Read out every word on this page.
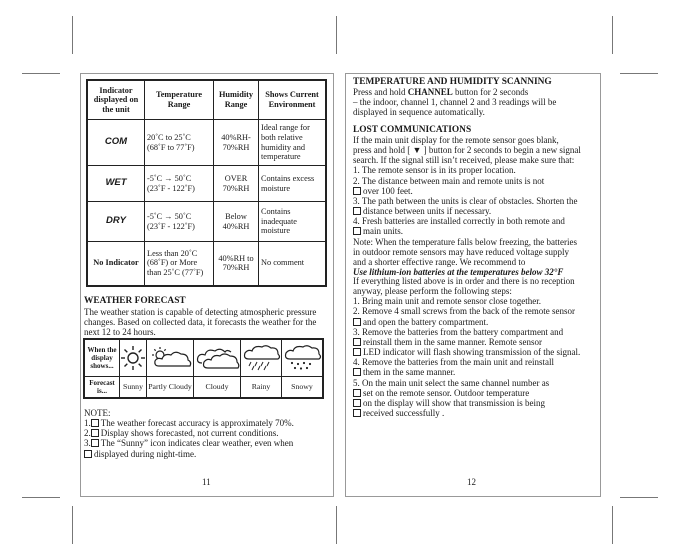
Indicator displayed on the unit	Temperature Range	Humidity Range	Shows Current Environment
COM	20˚C to 25˚C (68˚F to 77˚F)	40%RH- 70%RH	Ideal range for both relative humidity and temperature
WET	-5˚C → 50˚C (23˚F - 122˚F)	OVER 70%RH	Contains excess moisture
DRY	-5˚C → 50˚C (23˚F - 122˚F)	Below 40%RH	Contains inadequate moisture
No Indicator	Less than 20˚C (68˚F) or More than 25˚C (77˚F)	40%RH to 70%RH	No comment

WEATHER FORECAST

The weather station is capable of detecting atmospheric pressure changes. Based on collected data, it forecasts the weather for the next 12 to 24 hours.

When the display shows...	

Forecast is...	Sunny	Partly Cloudy	Cloudy	Rainy	Snowy
NOTE:
1. The weather forecast accuracy is approximately 70%.
2. Display shows forecasted, not current conditions.
3. The “Sunny” icon indicates clear weather, even when
displayed during night-time.
11

TEMPERATURE AND HUMIDITY SCANNING

Press and hold CHANNEL button for 2 seconds
– the indoor, channel 1, channel 2 and 3 readings will be
displayed in sequence automatically.

LOST COMMUNICATIONS

If the main unit display for the remote sensor goes blank,
press and hold [ ▼ ] button for 2 seconds to begin a new signal
search. If the signal still isn’t received, please make sure that:
1. The remote sensor is in its proper location.
2. The distance between main and remote units is not
over 100 feet.
3. The path between the units is clear of obstacles. Shorten the
distance between units if necessary.
4. Fresh batteries are installed correctly in both remote and
main units.
Note: When the temperature falls below freezing, the batteries
in outdoor remote sensors may have reduced voltage supply
and a shorter effective range. We recommend to
Use lithium-ion batteries at the temperatures below 32°F
If everything listed above is in order and there is no reception
anyway, please perform the following steps:
1. Bring main unit and remote sensor close together.
2. Remove 4 small screws from the back of the remote sensor
and open the battery compartment.
3. Remove the batteries from the battery compartment and
reinstall them in the same manner. Remote sensor
LED indicator will flash showing transmission of the signal.
4. Remove the batteries from the main unit and reinstall
them in the same manner.
5. On the main unit select the same channel number as
set on the remote sensor. Outdoor temperature
on the display will show that transmission is being
received successfully .
12
